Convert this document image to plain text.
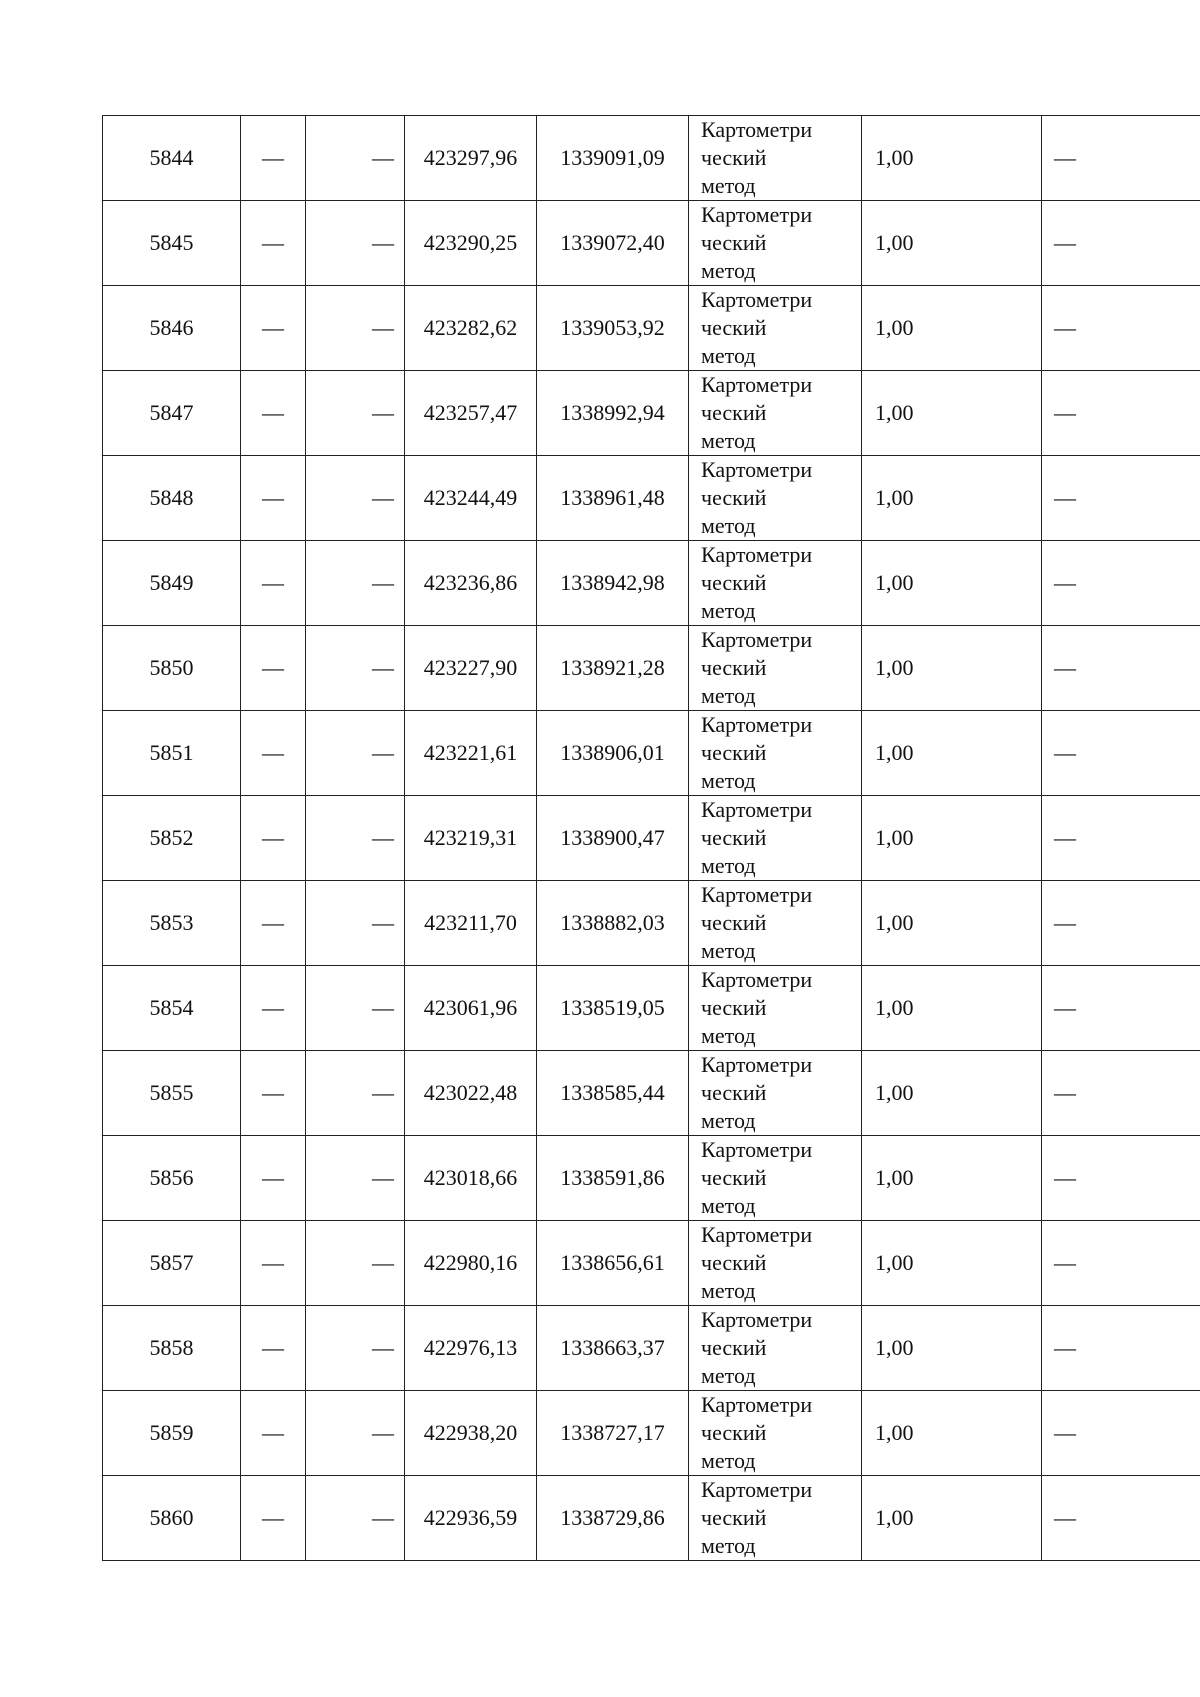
5844	—	—	423297,96	1339091,09	Картометри
ческий
метод	1,00	—
5845	—	—	423290,25	1339072,40	Картометри
ческий
метод	1,00	—
5846	—	—	423282,62	1339053,92	Картометри
ческий
метод	1,00	—
5847	—	—	423257,47	1338992,94	Картометри
ческий
метод	1,00	—
5848	—	—	423244,49	1338961,48	Картометри
ческий
метод	1,00	—
5849	—	—	423236,86	1338942,98	Картометри
ческий
метод	1,00	—
5850	—	—	423227,90	1338921,28	Картометри
ческий
метод	1,00	—
5851	—	—	423221,61	1338906,01	Картометри
ческий
метод	1,00	—
5852	—	—	423219,31	1338900,47	Картометри
ческий
метод	1,00	—
5853	—	—	423211,70	1338882,03	Картометри
ческий
метод	1,00	—
5854	—	—	423061,96	1338519,05	Картометри
ческий
метод	1,00	—
5855	—	—	423022,48	1338585,44	Картометри
ческий
метод	1,00	—
5856	—	—	423018,66	1338591,86	Картометри
ческий
метод	1,00	—
5857	—	—	422980,16	1338656,61	Картометри
ческий
метод	1,00	—
5858	—	—	422976,13	1338663,37	Картометри
ческий
метод	1,00	—
5859	—	—	422938,20	1338727,17	Картометри
ческий
метод	1,00	—
5860	—	—	422936,59	1338729,86	Картометри
ческий
метод	1,00	—
